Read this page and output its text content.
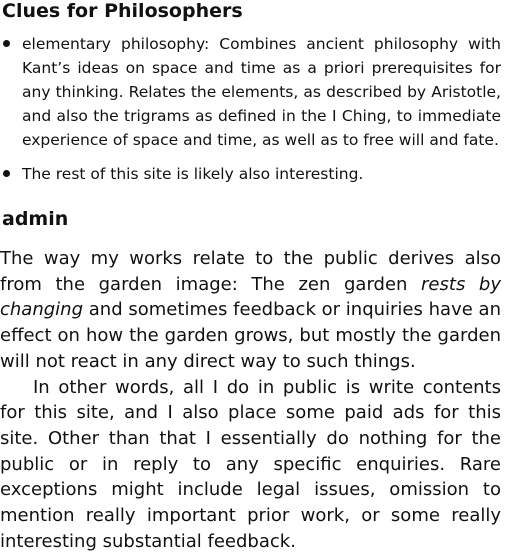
Clues for Philosophers
elementary philosophy: Combines ancient philosophy with Kant’s ideas on space and time as a priori prerequisites for any thinking. Relates the elements, as described by Aristotle, and also the trigrams as defined in the I Ching, to immediate experience of space and time, as well as to free will and fate.
The rest of this site is likely also interesting.
admin

The way my works relate to the public derives also from the garden image: The zen garden rests by changing and sometimes feedback or inquiries have an effect on how the garden grows, but mostly the garden will not react in any direct way to such things.

In other words, all I do in public is write contents for this site, and I also place some paid ads for this site. Other than that I essentially do nothing for the public or in reply to any specific enquiries. Rare exceptions might include legal issues, omission to mention really important prior work, or some really interesting substantial feedback.
